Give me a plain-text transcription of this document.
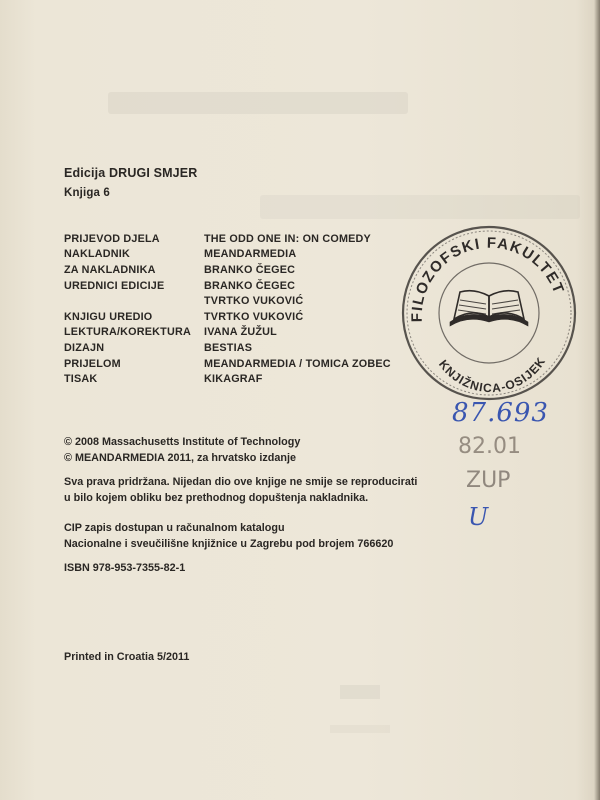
Edicija DRUGI SMJER
Knjiga 6
PRIJEVOD DJELA	THE ODD ONE IN: ON COMEDY
NAKLADNIK	MEANDARMEDIA
ZA NAKLADNIKA	BRANKO ČEGEC
UREDNICI EDICIJE	BRANKO ČEGEC
TVRTKO VUKOVIĆ
KNJIGU UREDIO	TVRTKO VUKOVIĆ
LEKTURA/KOREKTURA	IVANA ŽUŽUL
DIZAJN	BESTIAS
PRIJELOM	MEANDARMEDIA / TOMICA ZOBEC
TISAK	KIKAGRAF
© 2008 Massachusetts Institute of Technology
© MEANDARMEDIA 2011, za hrvatsko izdanje
Sva prava pridržana. Nijedan dio ove knjige ne smije se reproducirati
u bilo kojem obliku bez prethodnog dopuštenja nakladnika.
CIP zapis dostupan u računalnom katalogu
Nacionalne i sveučilišne knjižnice u Zagrebu pod brojem 766620
ISBN 978-953-7355-82-1
Printed in Croatia 5/2011
FILOZOFSKI FAKULTET
KNJIŽNICA-OSIJEK
87.693
82.01
ZUP
U
